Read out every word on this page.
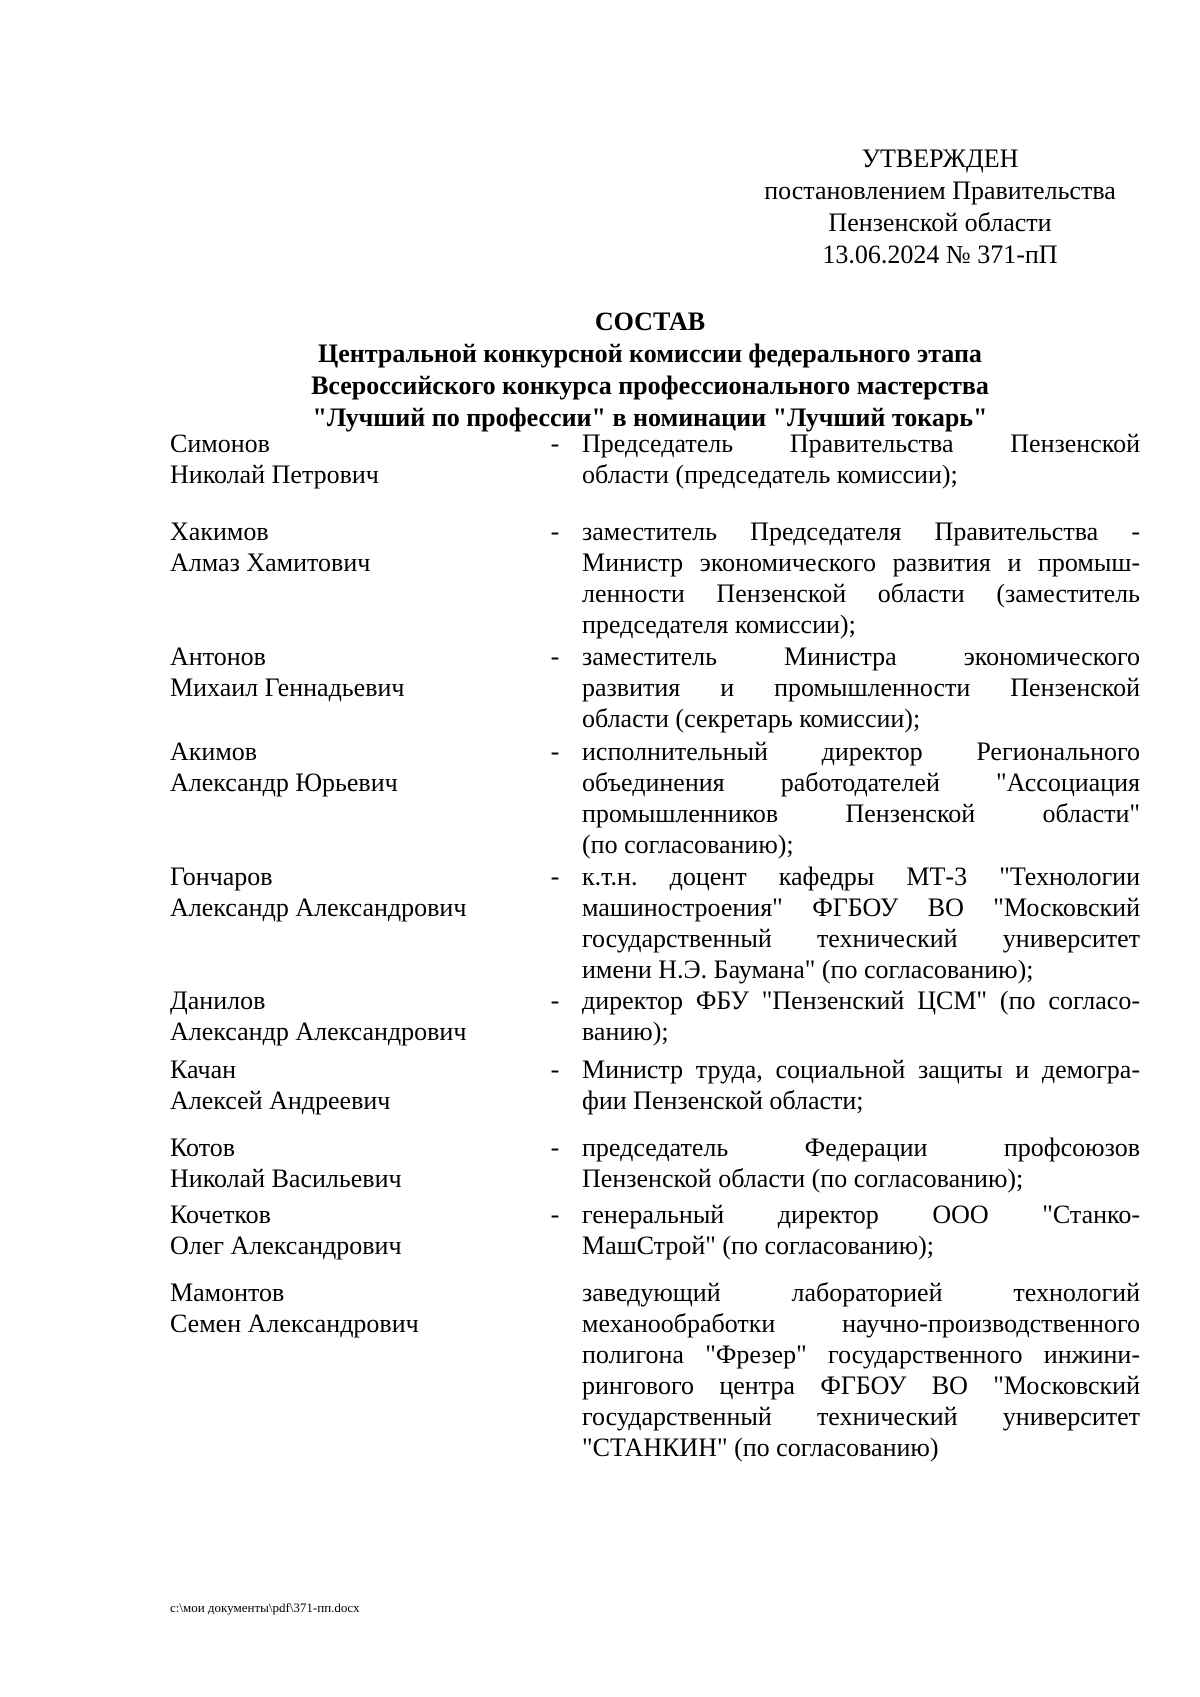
УТВЕРЖДЕН
постановлением Правительства
Пензенской области
13.06.2024 № 371-пП
СОСТАВ
Центральной конкурсной комиссии федерального этапа
Всероссийского конкурса профессионального мастерства
"Лучший по профессии" в номинации "Лучший токарь"
Симонов
Николай Петрович
- Председатель Правительства Пензенской
области (председатель комиссии);
Хакимов
Алмаз Хамитович
- заместитель Председателя Правительства -
Министр экономического развития и промыш-
ленности Пензенской области (заместитель
председателя комиссии);
Антонов
Михаил Геннадьевич
- заместитель Министра экономического
развития и промышленности Пензенской
области (секретарь комиссии);
Акимов
Александр Юрьевич
- исполнительный директор Регионального
объединения работодателей "Ассоциация
промышленников Пензенской области"
(по согласованию);
Гончаров
Александр Александрович
- к.т.н. доцент кафедры МТ-3 "Технологии
машиностроения" ФГБОУ ВО "Московский
государственный технический университет
имени Н.Э. Баумана" (по согласованию);
Данилов
Александр Александрович
- директор ФБУ "Пензенский ЦСМ" (по согласо-
ванию);
Качан
Алексей Андреевич
- Министр труда, социальной защиты и демогра-
фии Пензенской области;
Котов
Николай Васильевич
- председатель Федерации профсоюзов
Пензенской области (по согласованию);
Кочетков
Олег Александрович
- генеральный директор ООО "Станко-
МашСтрой" (по согласованию);
Мамонтов
Семен Александрович
заведующий лабораторией технологий
механообработки научно-производственного
полигона "Фрезер" государственного инжини-
рингового центра ФГБОУ ВО "Московский
государственный технический университет
"СТАНКИН" (по согласованию)
c:\мои документы\pdf\371-пп.docx
